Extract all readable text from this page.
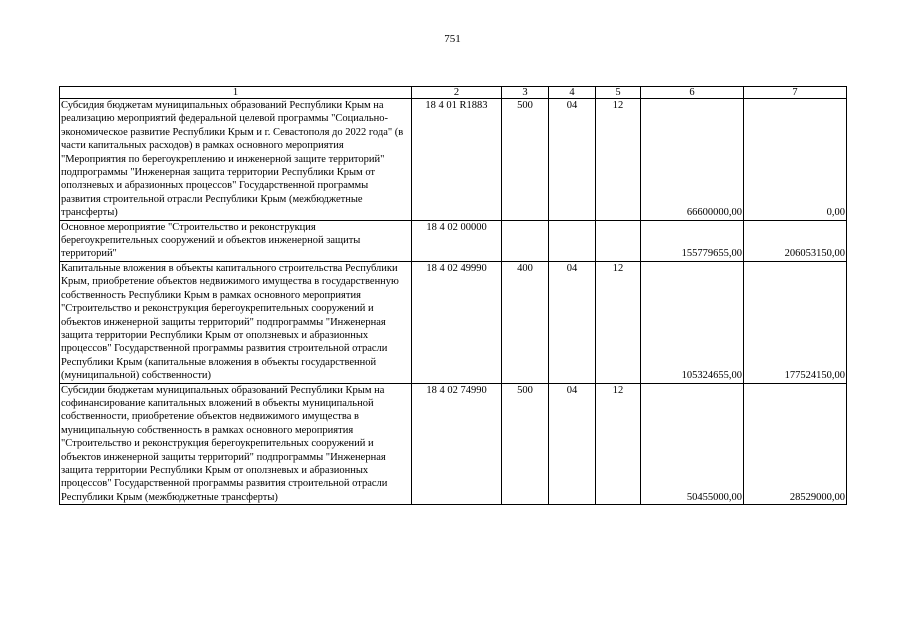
751
1	2	3	4	5	6	7
Субсидия бюджетам муниципальных образований Республики Крым на реализацию мероприятий федеральной целевой программы "Социально-экономическое развитие Республики Крым и г. Севастополя до 2022 года" (в части капитальных расходов) в рамках основного мероприятия "Мероприятия по берегоукреплению и инженерной защите территорий" подпрограммы "Инженерная защита территории Республики Крым от оползневых и абразионных процессов" Государственной программы развития строительной отрасли Республики Крым (межбюджетные трансферты)	18 4 01 R1883	500	04	12	66600000,00	0,00
Основное мероприятие "Строительство и реконструкция берегоукрепительных сооружений и объектов инженерной защиты территорий"	18 4 02 00000				155779655,00	206053150,00
Капитальные вложения в объекты капитального строительства Республики Крым, приобретение объектов недвижимого имущества в государственную собственность Республики Крым в рамках основного мероприятия "Строительство и реконструкция берегоукрепительных сооружений и объектов инженерной защиты территорий" подпрограммы "Инженерная защита территории Республики Крым от оползневых и абразионных процессов" Государственной программы развития строительной отрасли Республики Крым (капитальные вложения в объекты государственной (муниципальной) собственности)	18 4 02 49990	400	04	12	105324655,00	177524150,00
Субсидии бюджетам муниципальных образований Республики Крым на софинансирование капитальных вложений в объекты муниципальной собственности, приобретение объектов недвижимого имущества в муниципальную собственность в рамках основного мероприятия "Строительство и реконструкция берегоукрепительных сооружений и объектов инженерной защиты территорий" подпрограммы "Инженерная защита территории Республики Крым от оползневых и абразионных процессов" Государственной программы развития строительной отрасли Республики Крым (межбюджетные трансферты)	18 4 02 74990	500	04	12	50455000,00	28529000,00
